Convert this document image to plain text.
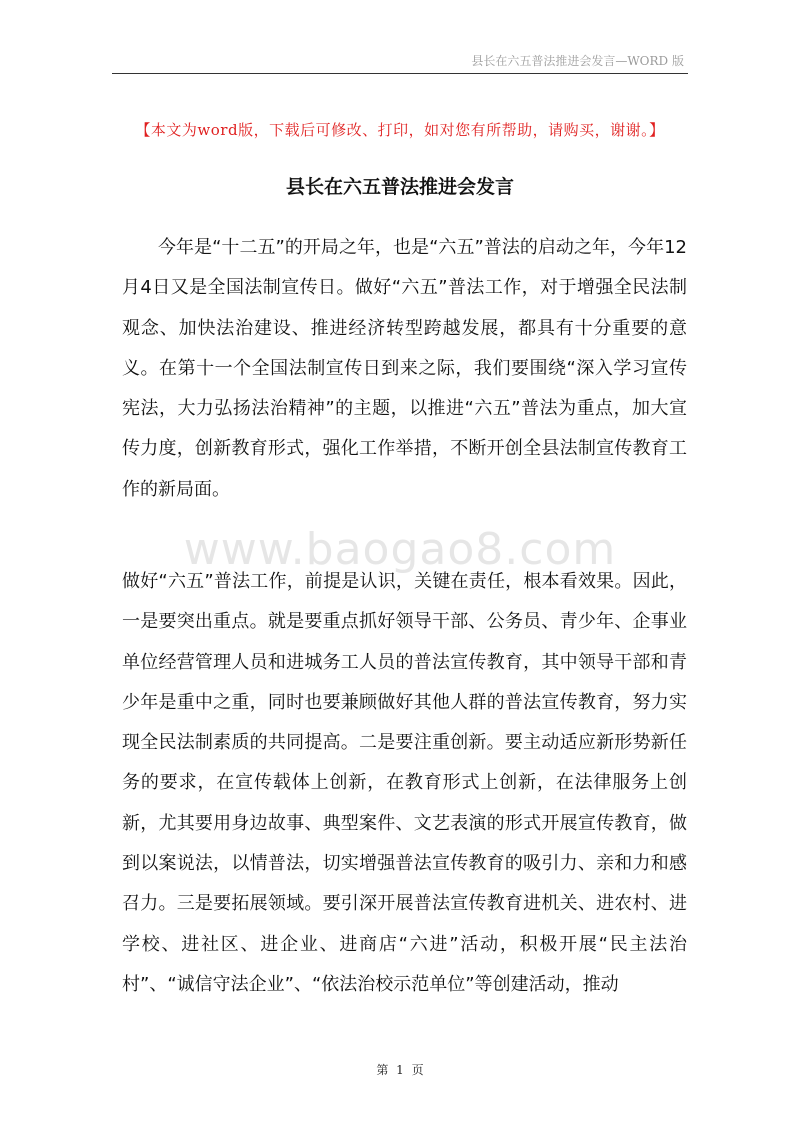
县长在六五普法推进会发言—WORD 版
【本文为word版，下载后可修改、打印，如对您有所帮助，请购买，谢谢。】
县长在六五普法推进会发言
今年是“十二五”的开局之年，也是“六五”普法的启动之年，今年12月4日又是全国法制宣传日。做好“六五”普法工作，对于增强全民法制观念、加快法治建设、推进经济转型跨越发展，都具有十分重要的意义。在第十一个全国法制宣传日到来之际，我们要围绕“深入学习宣传宪法，大力弘扬法治精神”的主题，以推进“六五”普法为重点，加大宣传力度，创新教育形式，强化工作举措，不断开创全县法制宣传教育工作的新局面。
www.baogao8.com
做好“六五”普法工作，前提是认识，关键在责任，根本看效果。因此，一是要突出重点。就是要重点抓好领导干部、公务员、青少年、企事业单位经营管理人员和进城务工人员的普法宣传教育，其中领导干部和青少年是重中之重，同时也要兼顾做好其他人群的普法宣传教育，努力实现全民法制素质的共同提高。二是要注重创新。要主动适应新形势新任务的要求，在宣传载体上创新，在教育形式上创新，在法律服务上创新，尤其要用身边故事、典型案件、文艺表演的形式开展宣传教育，做到以案说法，以情普法，切实增强普法宣传教育的吸引力、亲和力和感召力。三是要拓展领域。要引深开展普法宣传教育进机关、进农村、进学校、进社区、进企业、进商店“六进”活动，积极开展“民主法治村”、“诚信守法企业”、“依法治校示范单位”等创建活动，推动
第 1 页
